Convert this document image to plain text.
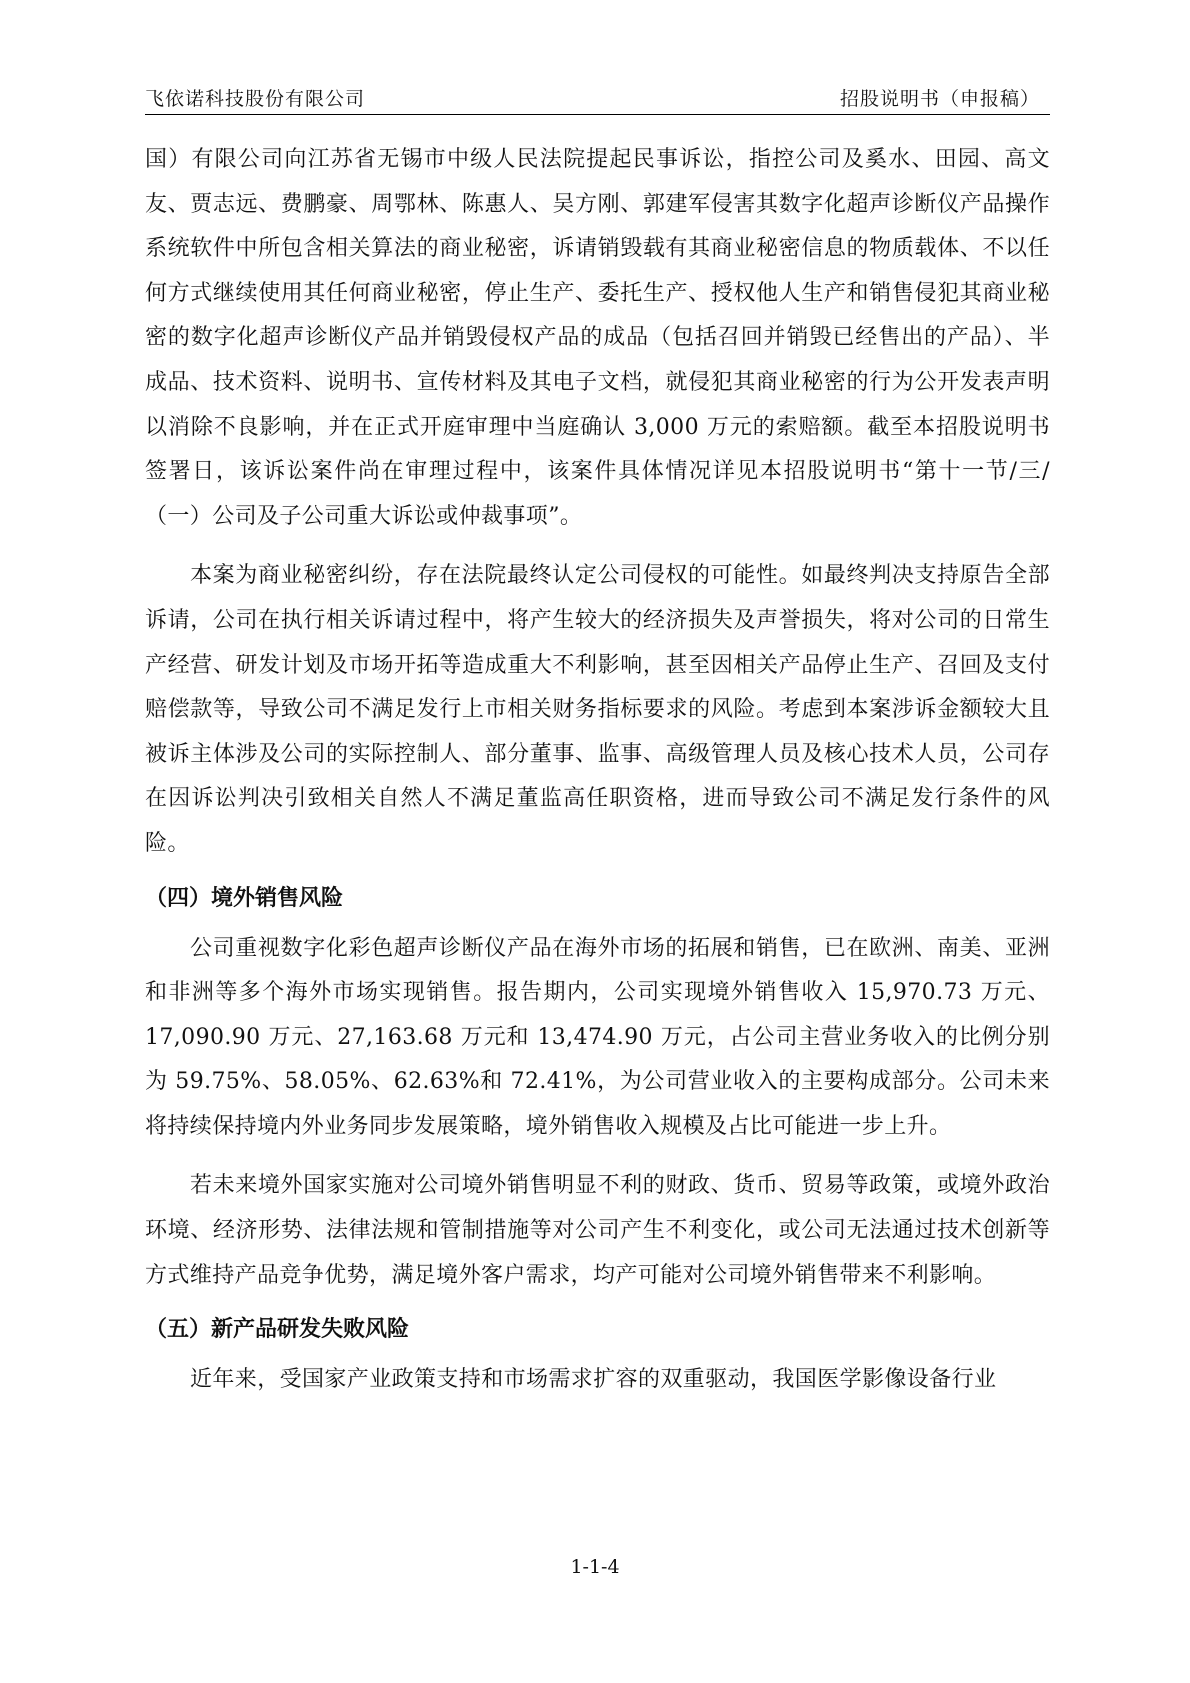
飞依诺科技股份有限公司	招股说明书（申报稿）

国）有限公司向江苏省无锡市中级人民法院提起民事诉讼，指控公司及奚水、田园、高文友、贾志远、费鹏豪、周鄂林、陈惠人、吴方刚、郭建军侵害其数字化超声诊断仪产品操作系统软件中所包含相关算法的商业秘密，诉请销毁载有其商业秘密信息的物质载体、不以任何方式继续使用其任何商业秘密，停止生产、委托生产、授权他人生产和销售侵犯其商业秘密的数字化超声诊断仪产品并销毁侵权产品的成品（包括召回并销毁已经售出的产品）、半成品、技术资料、说明书、宣传材料及其电子文档，就侵犯其商业秘密的行为公开发表声明以消除不良影响，并在正式开庭审理中当庭确认 3,000 万元的索赔额。截至本招股说明书签署日，该诉讼案件尚在审理过程中，该案件具体情况详见本招股说明书“第十一节/三/（一）公司及子公司重大诉讼或仲裁事项”。

本案为商业秘密纠纷，存在法院最终认定公司侵权的可能性。如最终判决支持原告全部诉请，公司在执行相关诉请过程中，将产生较大的经济损失及声誉损失，将对公司的日常生产经营、研发计划及市场开拓等造成重大不利影响，甚至因相关产品停止生产、召回及支付赔偿款等，导致公司不满足发行上市相关财务指标要求的风险。考虑到本案涉诉金额较大且被诉主体涉及公司的实际控制人、部分董事、监事、高级管理人员及核心技术人员，公司存在因诉讼判决引致相关自然人不满足董监高任职资格，进而导致公司不满足发行条件的风险。

（四）境外销售风险

公司重视数字化彩色超声诊断仪产品在海外市场的拓展和销售，已在欧洲、南美、亚洲和非洲等多个海外市场实现销售。报告期内，公司实现境外销售收入 15,970.73 万元、17,090.90 万元、27,163.68 万元和 13,474.90 万元，占公司主营业务收入的比例分别为 59.75%、58.05%、62.63%和 72.41%，为公司营业收入的主要构成部分。公司未来将持续保持境内外业务同步发展策略，境外销售收入规模及占比可能进一步上升。

若未来境外国家实施对公司境外销售明显不利的财政、货币、贸易等政策，或境外政治环境、经济形势、法律法规和管制措施等对公司产生不利变化，或公司无法通过技术创新等方式维持产品竞争优势，满足境外客户需求，均产可能对公司境外销售带来不利影响。

（五）新产品研发失败风险

近年来，受国家产业政策支持和市场需求扩容的双重驱动，我国医学影像设备行业

1-1-4
